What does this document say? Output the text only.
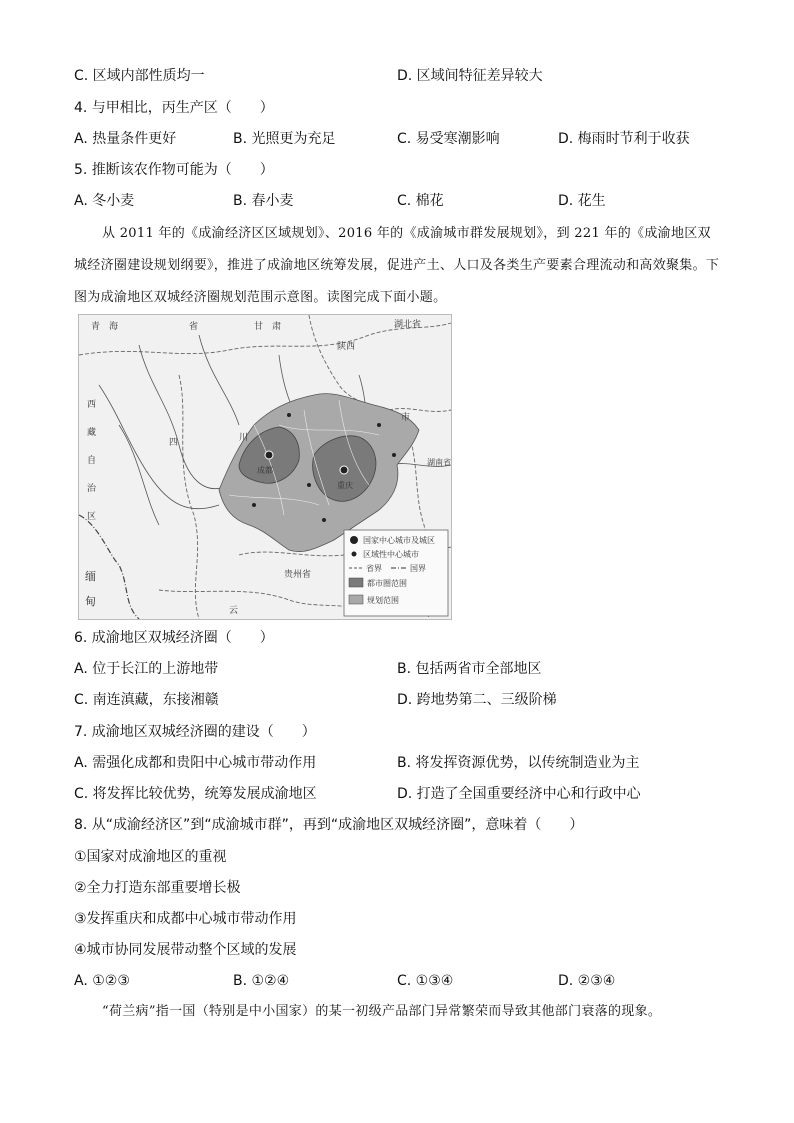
C. 区域内部性质均一	D. 区域间特征差异较大
4. 与甲相比，丙生产区（　　）
A. 热量条件更好	B. 光照更为充足	C. 易受寒潮影响	D. 梅雨时节利于收获
5. 推断该农作物可能为（　　）
A. 冬小麦	B. 春小麦	C. 棉花	D. 花生
从 2011 年的《成渝经济区区域规划》、2016 年的《成渝城市群发展规划》，到 221 年的《成渝地区双城经济圈建设规划纲要》，推进了成渝地区统筹发展，促进产土、人口及各类生产要素合理流动和高效聚集。下图为成渝地区双城经济圈规划范围示意图。读图完成下面小题。
青　海	省	甘　肃	湖北省
陕西
西
藏
自
治
区
四	川
成都
重庆
市
湖南省
贵州省
云
缅
甸
国家中心城市及城区
区域性中心城市
省界	国界
都市圈范围
规划范围
6. 成渝地区双城经济圈（　　）
A. 位于长江的上游地带	B. 包括两省市全部地区
C. 南连滇藏，东接湘赣	D. 跨地势第二、三级阶梯
7. 成渝地区双城经济圈的建设（　　）
A. 需强化成都和贵阳中心城市带动作用	B. 将发挥资源优势，以传统制造业为主
C. 将发挥比较优势，统筹发展成渝地区	D. 打造了全国重要经济中心和行政中心
8. 从“成渝经济区”到“成渝城市群”，再到“成渝地区双城经济圈”，意味着（　　）
①国家对成渝地区的重视
②全力打造东部重要增长极
③发挥重庆和成都中心城市带动作用
④城市协同发展带动整个区域的发展
A. ①②③	B. ①②④	C. ①③④	D. ②③④
“荷兰病”指一国（特别是中小国家）的某一初级产品部门异常繁荣而导致其他部门衰落的现象。
